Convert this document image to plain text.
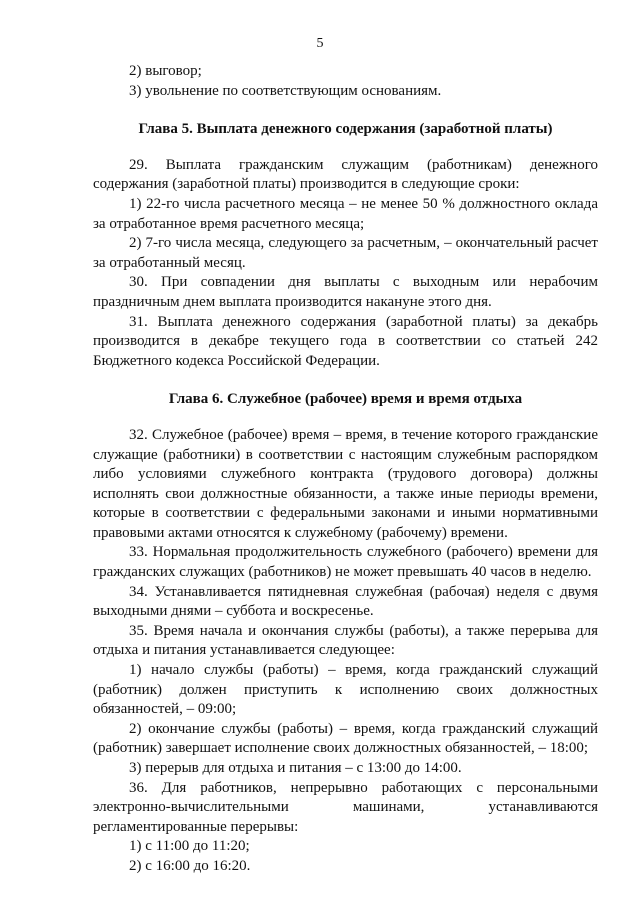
5

2) выговор;

3) увольнение по соответствующим основаниям.

Глава 5. Выплата денежного содержания (заработной платы)

29. Выплата гражданским служащим (работникам) денежного содержания (заработной платы) производится в следующие сроки:

1) 22-го числа расчетного месяца – не менее 50 % должностного оклада за отработанное время расчетного месяца;

2) 7-го числа месяца, следующего за расчетным, – окончательный расчет за отработанный месяц.

30. При совпадении дня выплаты с выходным или нерабочим праздничным днем выплата производится накануне этого дня.

31. Выплата денежного содержания (заработной платы) за декабрь производится в декабре текущего года в соответствии со статьей 242 Бюджетного кодекса Российской Федерации.

Глава 6. Служебное (рабочее) время и время отдыха

32. Служебное (рабочее) время – время, в течение которого гражданские служащие (работники) в соответствии с настоящим служебным распорядком либо условиями служебного контракта (трудового договора) должны исполнять свои должностные обязанности, а также иные периоды времени, которые в соответствии с федеральными законами и иными нормативными правовыми актами относятся к служебному (рабочему) времени.

33. Нормальная продолжительность служебного (рабочего) времени для гражданских служащих (работников) не может превышать 40 часов в неделю.

34. Устанавливается пятидневная служебная (рабочая) неделя с двумя выходными днями – суббота и воскресенье.

35. Время начала и окончания службы (работы), а также перерыва для отдыха и питания устанавливается следующее:

1) начало службы (работы) – время, когда гражданский служащий (работник) должен приступить к исполнению своих должностных обязанностей, – 09:00;

2) окончание службы (работы) – время, когда гражданский служащий (работник) завершает исполнение своих должностных обязанностей, – 18:00;

3) перерыв для отдыха и питания – с 13:00 до 14:00.

36. Для работников, непрерывно работающих с персональными электронно-вычислительными машинами, устанавливаются регламентированные перерывы:

1) с 11:00 до 11:20;

2) с 16:00 до 16:20.
